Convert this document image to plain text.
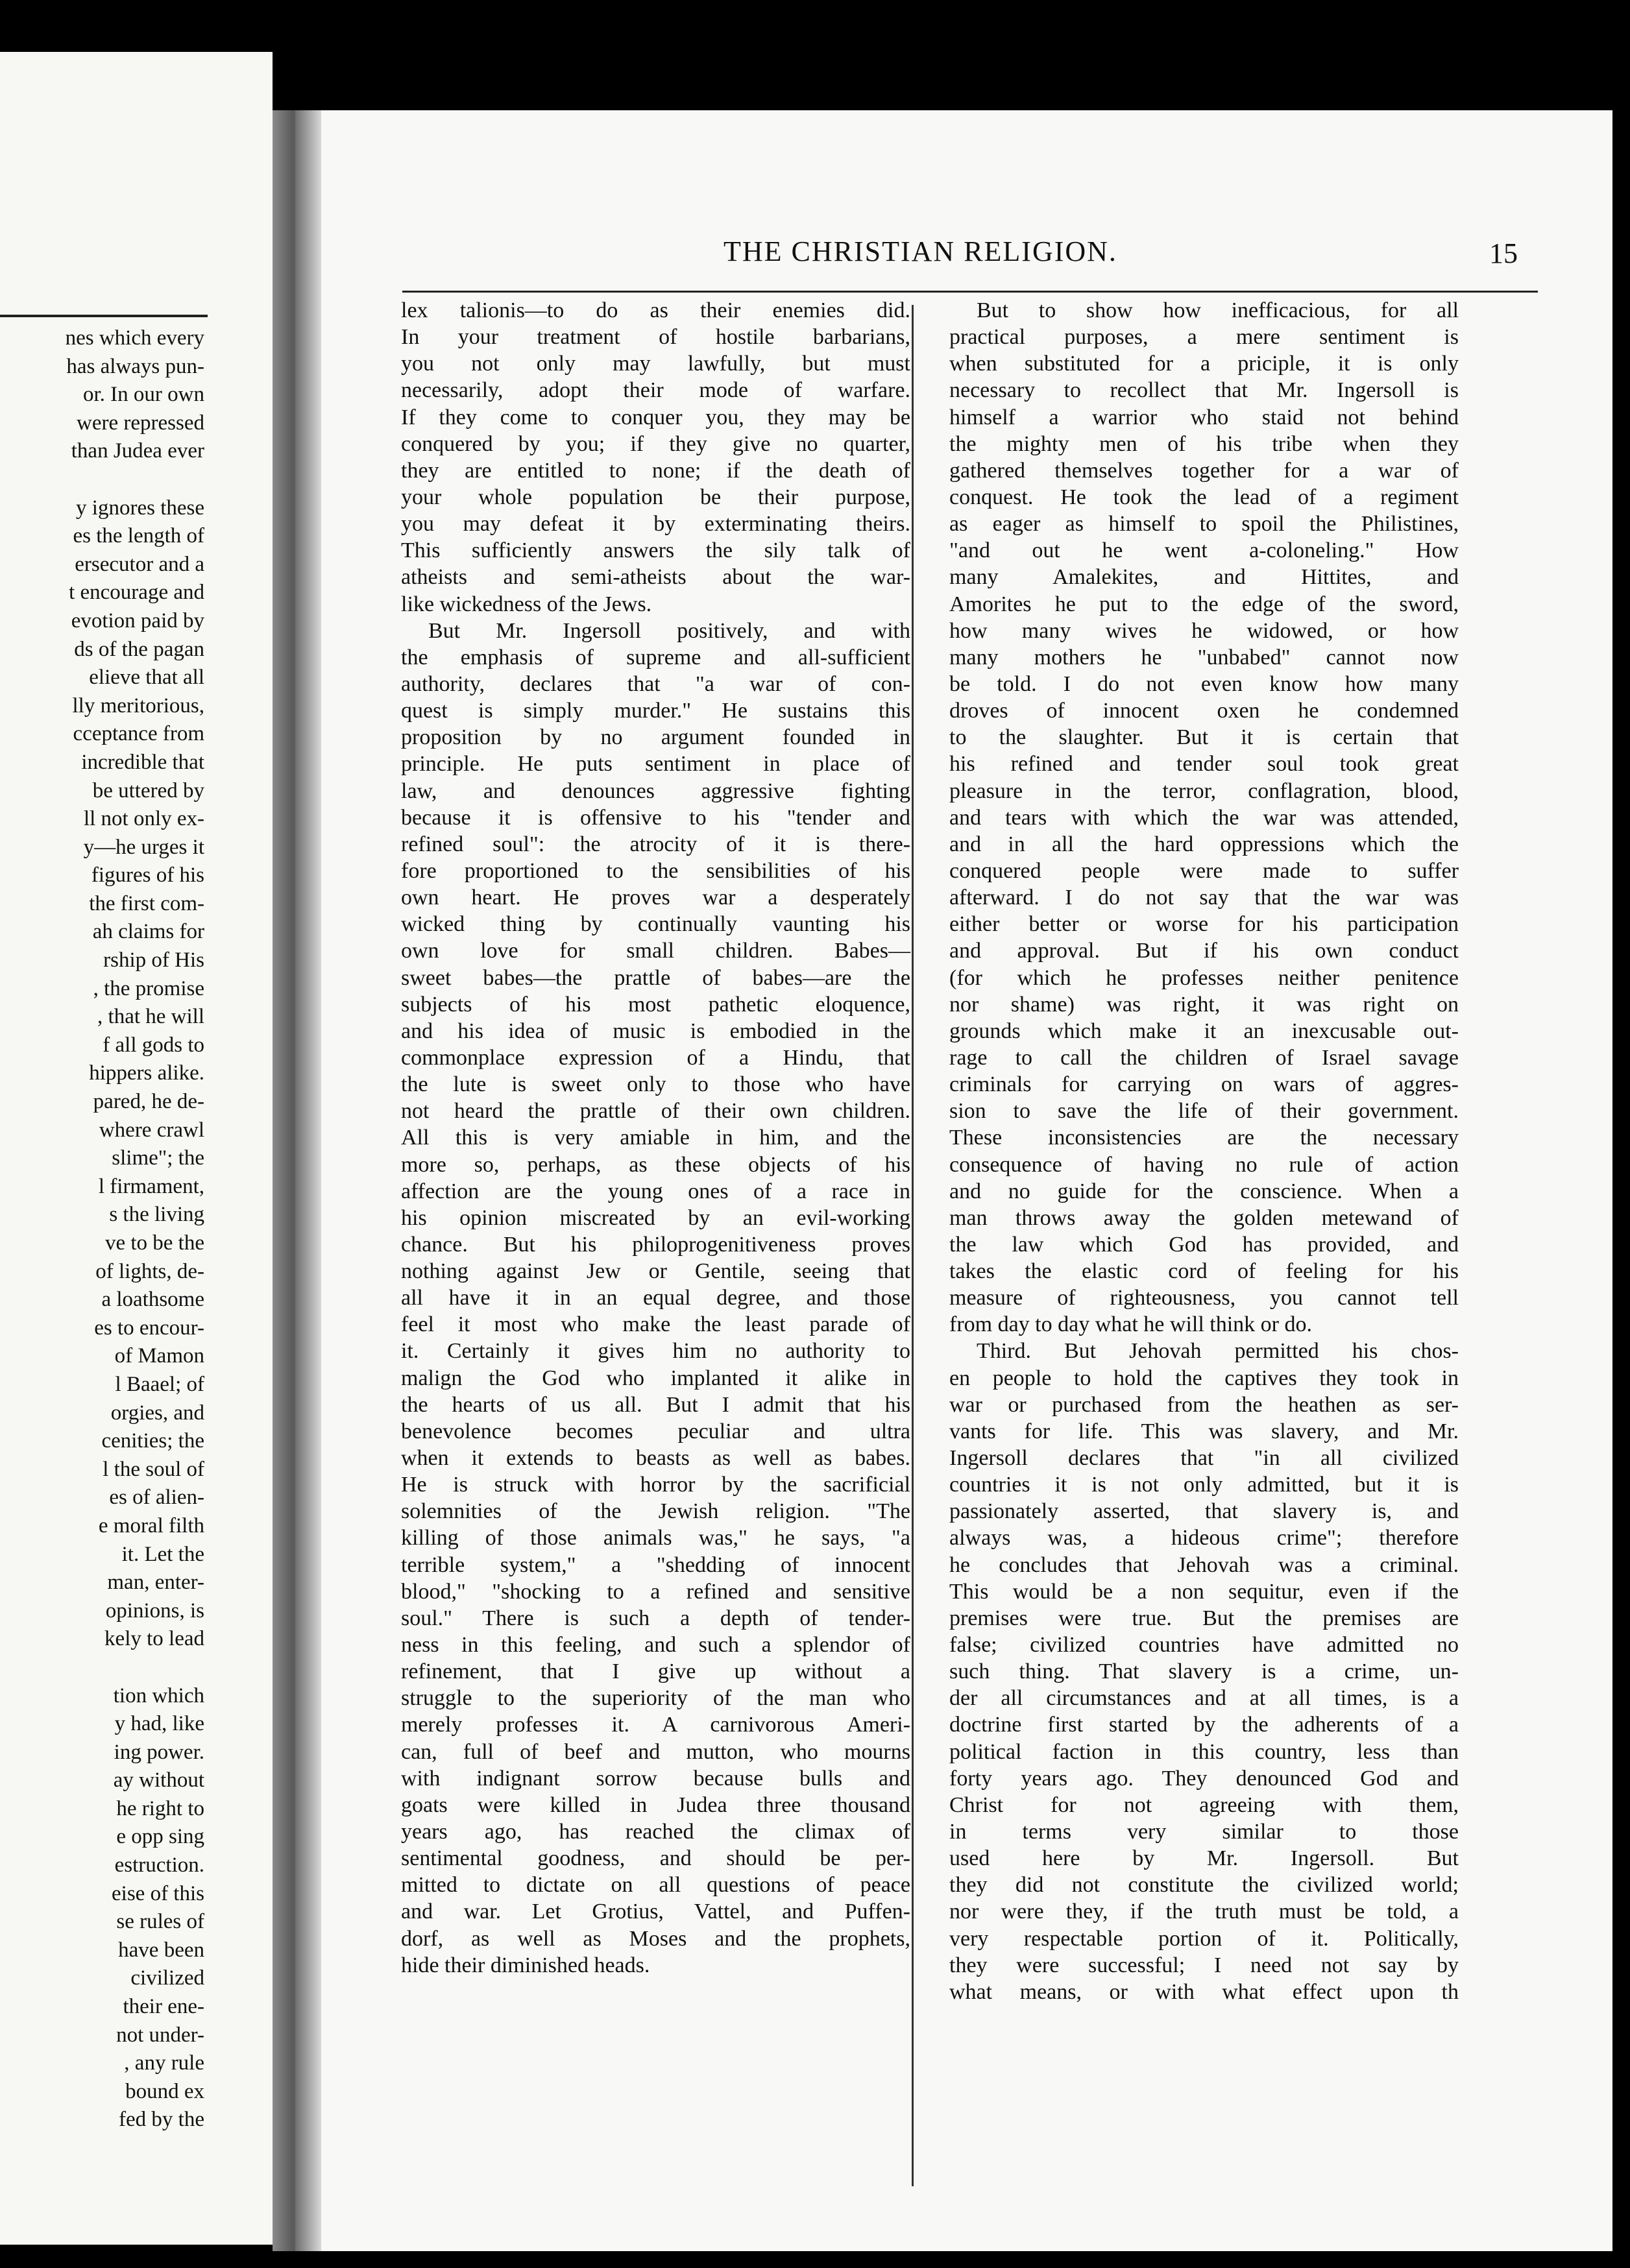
nes which every
has always pun-
or. In our own
were repressed
than Judea ever
y ignores these
es the length of
ersecutor and a
t encourage and
evotion paid by
ds of the pagan
elieve that all
lly meritorious,
cceptance from
incredible that
be uttered by
ll not only ex-
y—he urges it
figures of his
the first com-
ah claims for
rship of His
, the promise
, that he will
f all gods to
hippers alike.
pared, he de-
where crawl
slime"; the
l firmament,
s the living
ve to be the
of lights, de-
a loathsome
es to encour-
of Mamon
l Baael; of
orgies, and
cenities; the
l the soul of
es of alien-
e moral filth
it. Let the
man, enter-
opinions, is
kely to lead
tion which
y had, like
ing power.
ay without
he right to
e opp sing
estruction.
eise of this
se rules of
have been
civilized
their ene-
not under-
, any rule
bound ex
fed by the
THE CHRISTIAN RELIGION.	15
lex talionis—to do as their enemies did.
In your treatment of hostile barbarians,
you not only may lawfully, but must
necessarily, adopt their mode of warfare.
If they come to conquer you, they may be
conquered by you; if they give no quarter,
they are entitled to none; if the death of
your whole population be their purpose,
you may defeat it by exterminating theirs.
This sufficiently answers the sily talk of
atheists and semi-atheists about the war-
like wickedness of the Jews.
But Mr. Ingersoll positively, and with
the emphasis of supreme and all-sufficient
authority, declares that "a war of con-
quest is simply murder." He sustains this
proposition by no argument founded in
principle. He puts sentiment in place of
law, and denounces aggressive fighting
because it is offensive to his "tender and
refined soul": the atrocity of it is there-
fore proportioned to the sensibilities of his
own heart. He proves war a desperately
wicked thing by continually vaunting his
own love for small children. Babes—
sweet babes—the prattle of babes—are the
subjects of his most pathetic eloquence,
and his idea of music is embodied in the
commonplace expression of a Hindu, that
the lute is sweet only to those who have
not heard the prattle of their own children.
All this is very amiable in him, and the
more so, perhaps, as these objects of his
affection are the young ones of a race in
his opinion miscreated by an evil-working
chance. But his philoprogenitiveness proves
nothing against Jew or Gentile, seeing that
all have it in an equal degree, and those
feel it most who make the least parade of
it. Certainly it gives him no authority to
malign the God who implanted it alike in
the hearts of us all. But I admit that his
benevolence becomes peculiar and ultra
when it extends to beasts as well as babes.
He is struck with horror by the sacrificial
solemnities of the Jewish religion. "The
killing of those animals was," he says, "a
terrible system," a "shedding of innocent
blood," "shocking to a refined and sensitive
soul." There is such a depth of tender-
ness in this feeling, and such a splendor of
refinement, that I give up without a
struggle to the superiority of the man who
merely professes it. A carnivorous Ameri-
can, full of beef and mutton, who mourns
with indignant sorrow because bulls and
goats were killed in Judea three thousand
years ago, has reached the climax of
sentimental goodness, and should be per-
mitted to dictate on all questions of peace
and war. Let Grotius, Vattel, and Puffen-
dorf, as well as Moses and the prophets,
hide their diminished heads.
But to show how inefficacious, for all
practical purposes, a mere sentiment is
when substituted for a priciple, it is only
necessary to recollect that Mr. Ingersoll is
himself a warrior who staid not behind
the mighty men of his tribe when they
gathered themselves together for a war of
conquest. He took the lead of a regiment
as eager as himself to spoil the Philistines,
"and out he went a-coloneling." How
many Amalekites, and Hittites, and
Amorites he put to the edge of the sword,
how many wives he widowed, or how
many mothers he "unbabed" cannot now
be told. I do not even know how many
droves of innocent oxen he condemned
to the slaughter. But it is certain that
his refined and tender soul took great
pleasure in the terror, conflagration, blood,
and tears with which the war was attended,
and in all the hard oppressions which the
conquered people were made to suffer
afterward. I do not say that the war was
either better or worse for his participation
and approval. But if his own conduct
(for which he professes neither penitence
nor shame) was right, it was right on
grounds which make it an inexcusable out-
rage to call the children of Israel savage
criminals for carrying on wars of aggres-
sion to save the life of their government.
These inconsistencies are the necessary
consequence of having no rule of action
and no guide for the conscience. When a
man throws away the golden metewand of
the law which God has provided, and
takes the elastic cord of feeling for his
measure of righteousness, you cannot tell
from day to day what he will think or do.
Third. But Jehovah permitted his chos-
en people to hold the captives they took in
war or purchased from the heathen as ser-
vants for life. This was slavery, and Mr.
Ingersoll declares that "in all civilized
countries it is not only admitted, but it is
passionately asserted, that slavery is, and
always was, a hideous crime"; therefore
he concludes that Jehovah was a criminal.
This would be a non sequitur, even if the
premises were true. But the premises are
false; civilized countries have admitted no
such thing. That slavery is a crime, un-
der all circumstances and at all times, is a
doctrine first started by the adherents of a
political faction in this country, less than
forty years ago. They denounced God and
Christ for not agreeing with them,
in terms very similar to those
used here by Mr. Ingersoll. But
they did not constitute the civilized world;
nor were they, if the truth must be told, a
very respectable portion of it. Politically,
they were successful; I need not say by
what means, or with what effect upon th
